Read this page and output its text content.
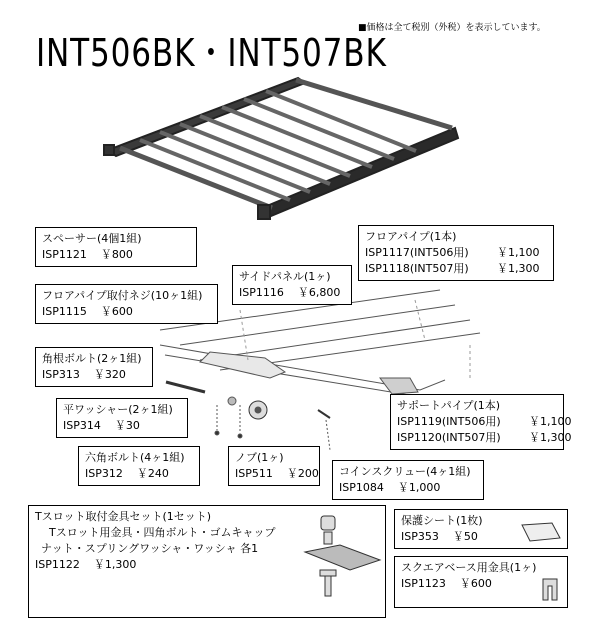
INT506BK・INT507BK
■価格は全て税別（外税）を表示しています。
スペーサー(4個1組)
ISP1121 ￥800
フロアパイプ(1本)
ISP1117(INT506用)	￥1,100
ISP1118(INT507用)	￥1,300
サイドパネル(1ヶ)
ISP1116 ￥6,800
フロアパイプ取付ネジ(10ヶ1組)
ISP1115 ￥600
角根ボルト(2ヶ1組)
ISP313 ￥320
平ワッシャー(2ヶ1組)
ISP314 ￥30
サポートパイプ(1本)
ISP1119(INT506用)	￥1,100
ISP1120(INT507用)	￥1,300
六角ボルト(4ヶ1組)
ISP312 ￥240
ノブ(1ヶ)
ISP511 ￥200 コインスクリュー(4ヶ1組)
ISP1084 ￥1,000
Tスロット取付金具セット(1セット)
Tスロット用金具・四角ボルト・ゴムキャップ
ナット・スプリングワッシャ・ワッシャ 各1
ISP1122 ￥1,300
保護シート(1枚)
ISP353 ￥50
スクエアベース用金具(1ヶ)
ISP1123 ￥600
